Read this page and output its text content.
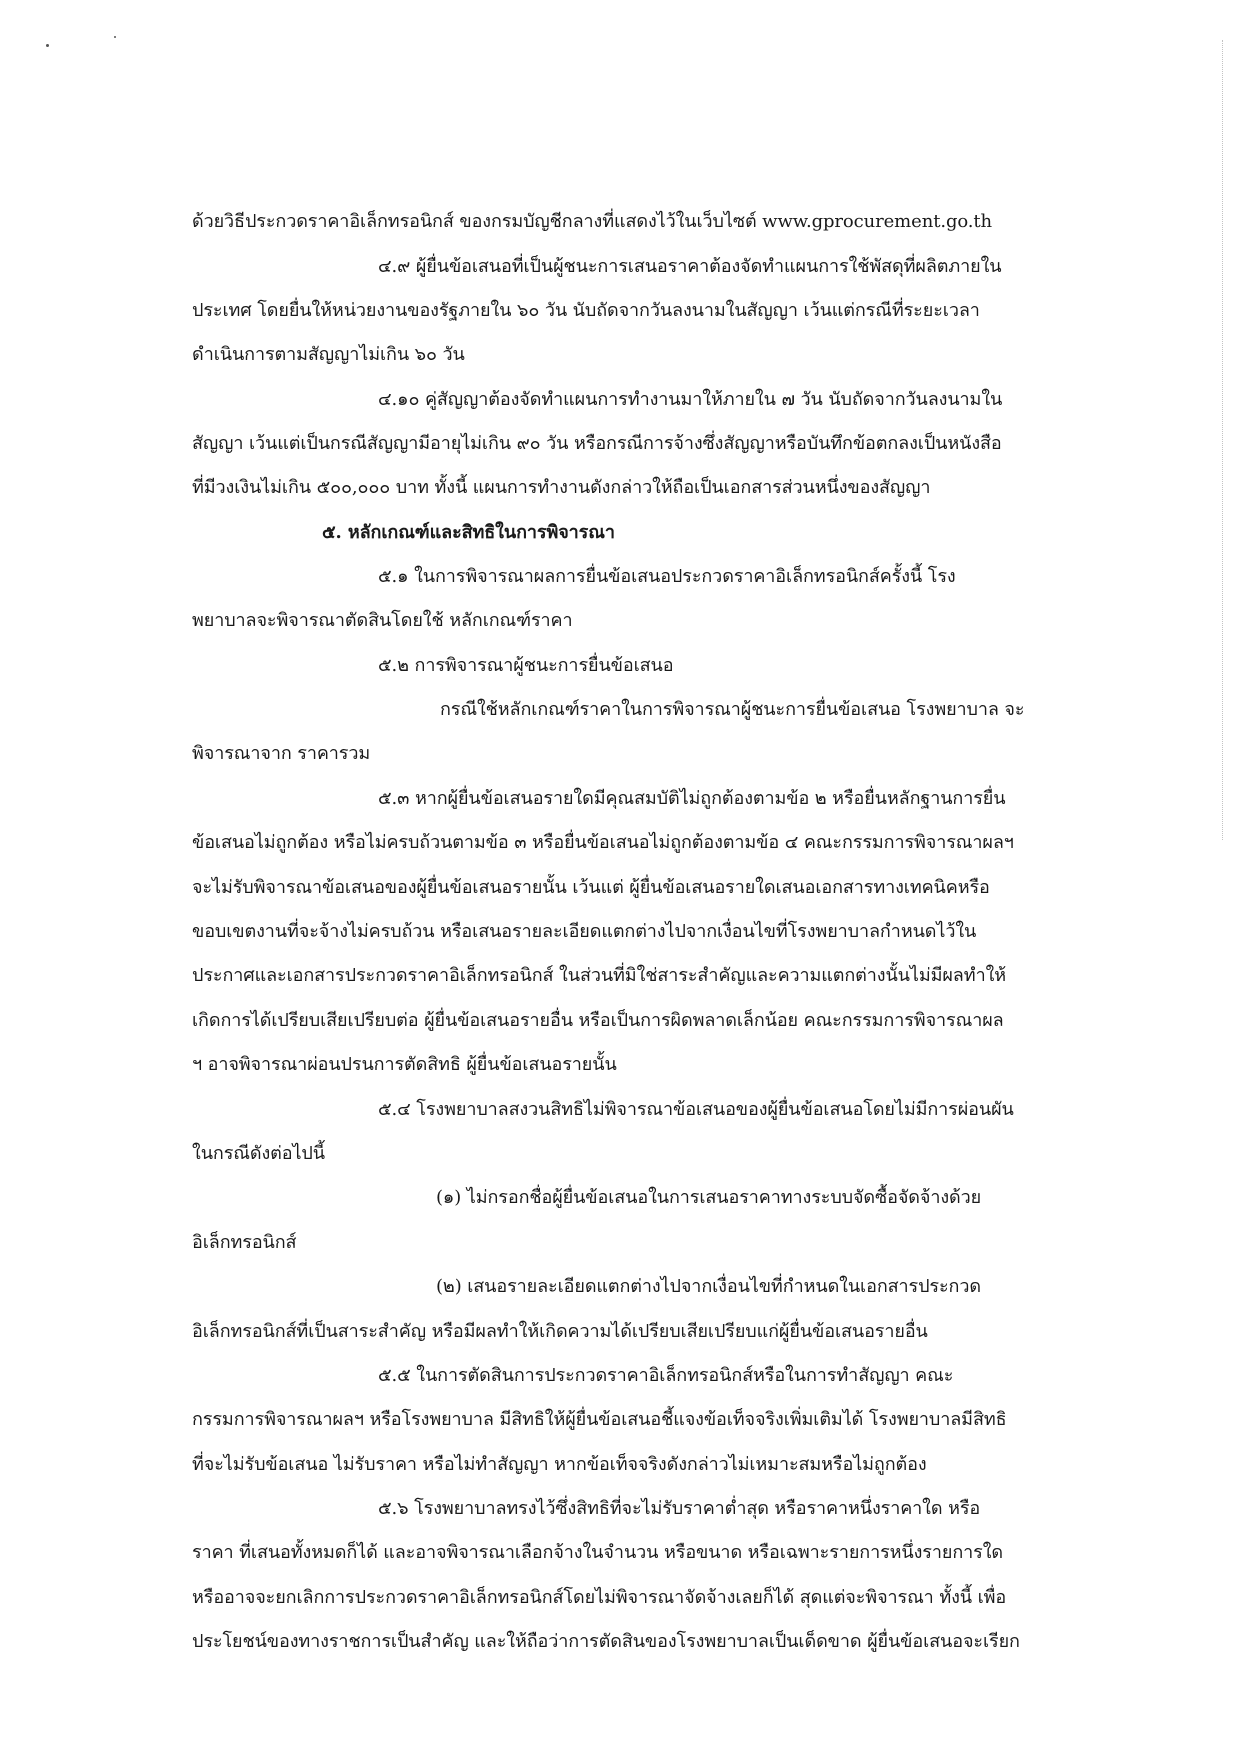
ด้วยวิธีประกวดราคาอิเล็กทรอนิกส์ ของกรมบัญชีกลางที่แสดงไว้ในเว็บไซต์ www.gprocurement.go.th
๔.๙ ผู้ยื่นข้อเสนอที่เป็นผู้ชนะการเสนอราคาต้องจัดทำแผนการใช้พัสดุที่ผลิตภายใน
ประเทศ โดยยื่นให้หน่วยงานของรัฐภายใน ๖๐ วัน นับถัดจากวันลงนามในสัญญา เว้นแต่กรณีที่ระยะเวลา
ดำเนินการตามสัญญาไม่เกิน ๖๐ วัน
๔.๑๐ คู่สัญญาต้องจัดทำแผนการทำงานมาให้ภายใน ๗ วัน นับถัดจากวันลงนามใน
สัญญา เว้นแต่เป็นกรณีสัญญามีอายุไม่เกิน ๙๐ วัน หรือกรณีการจ้างซึ่งสัญญาหรือบันทึกข้อตกลงเป็นหนังสือ
ที่มีวงเงินไม่เกิน ๕๐๐,๐๐๐ บาท ทั้งนี้ แผนการทำงานดังกล่าวให้ถือเป็นเอกสารส่วนหนึ่งของสัญญา
๕. หลักเกณฑ์และสิทธิในการพิจารณา
๕.๑ ในการพิจารณาผลการยื่นข้อเสนอประกวดราคาอิเล็กทรอนิกส์ครั้งนี้ โรง
พยาบาลจะพิจารณาตัดสินโดยใช้ หลักเกณฑ์ราคา
๕.๒ การพิจารณาผู้ชนะการยื่นข้อเสนอ
กรณีใช้หลักเกณฑ์ราคาในการพิจารณาผู้ชนะการยื่นข้อเสนอ โรงพยาบาล จะ
พิจารณาจาก ราคารวม
๕.๓ หากผู้ยื่นข้อเสนอรายใดมีคุณสมบัติไม่ถูกต้องตามข้อ ๒ หรือยื่นหลักฐานการยื่น
ข้อเสนอไม่ถูกต้อง หรือไม่ครบถ้วนตามข้อ ๓ หรือยื่นข้อเสนอไม่ถูกต้องตามข้อ ๔ คณะกรรมการพิจารณาผลฯ
จะไม่รับพิจารณาข้อเสนอของผู้ยื่นข้อเสนอรายนั้น เว้นแต่ ผู้ยื่นข้อเสนอรายใดเสนอเอกสารทางเทคนิคหรือ
ขอบเขตงานที่จะจ้างไม่ครบถ้วน หรือเสนอรายละเอียดแตกต่างไปจากเงื่อนไขที่โรงพยาบาลกำหนดไว้ใน
ประกาศและเอกสารประกวดราคาอิเล็กทรอนิกส์ ในส่วนที่มิใช่สาระสำคัญและความแตกต่างนั้นไม่มีผลทำให้
เกิดการได้เปรียบเสียเปรียบต่อ ผู้ยื่นข้อเสนอรายอื่น หรือเป็นการผิดพลาดเล็กน้อย คณะกรรมการพิจารณาผล
ฯ อาจพิจารณาผ่อนปรนการตัดสิทธิ ผู้ยื่นข้อเสนอรายนั้น
๕.๔ โรงพยาบาลสงวนสิทธิไม่พิจารณาข้อเสนอของผู้ยื่นข้อเสนอโดยไม่มีการผ่อนผัน
ในกรณีดังต่อไปนี้
(๑) ไม่กรอกชื่อผู้ยื่นข้อเสนอในการเสนอราคาทางระบบจัดซื้อจัดจ้างด้วย
อิเล็กทรอนิกส์
(๒) เสนอรายละเอียดแตกต่างไปจากเงื่อนไขที่กำหนดในเอกสารประกวด
อิเล็กทรอนิกส์ที่เป็นสาระสำคัญ หรือมีผลทำให้เกิดความได้เปรียบเสียเปรียบแก่ผู้ยื่นข้อเสนอรายอื่น
๕.๕ ในการตัดสินการประกวดราคาอิเล็กทรอนิกส์หรือในการทำสัญญา คณะ
กรรมการพิจารณาผลฯ หรือโรงพยาบาล มีสิทธิให้ผู้ยื่นข้อเสนอชี้แจงข้อเท็จจริงเพิ่มเติมได้ โรงพยาบาลมีสิทธิ
ที่จะไม่รับข้อเสนอ ไม่รับราคา หรือไม่ทำสัญญา หากข้อเท็จจริงดังกล่าวไม่เหมาะสมหรือไม่ถูกต้อง
๕.๖ โรงพยาบาลทรงไว้ซึ่งสิทธิที่จะไม่รับราคาต่ำสุด หรือราคาหนึ่งราคาใด หรือ
ราคา ที่เสนอทั้งหมดก็ได้ และอาจพิจารณาเลือกจ้างในจำนวน หรือขนาด หรือเฉพาะรายการหนึ่งรายการใด
หรืออาจจะยกเลิกการประกวดราคาอิเล็กทรอนิกส์โดยไม่พิจารณาจัดจ้างเลยก็ได้ สุดแต่จะพิจารณา ทั้งนี้ เพื่อ
ประโยชน์ของทางราชการเป็นสำคัญ และให้ถือว่าการตัดสินของโรงพยาบาลเป็นเด็ดขาด ผู้ยื่นข้อเสนอจะเรียก
